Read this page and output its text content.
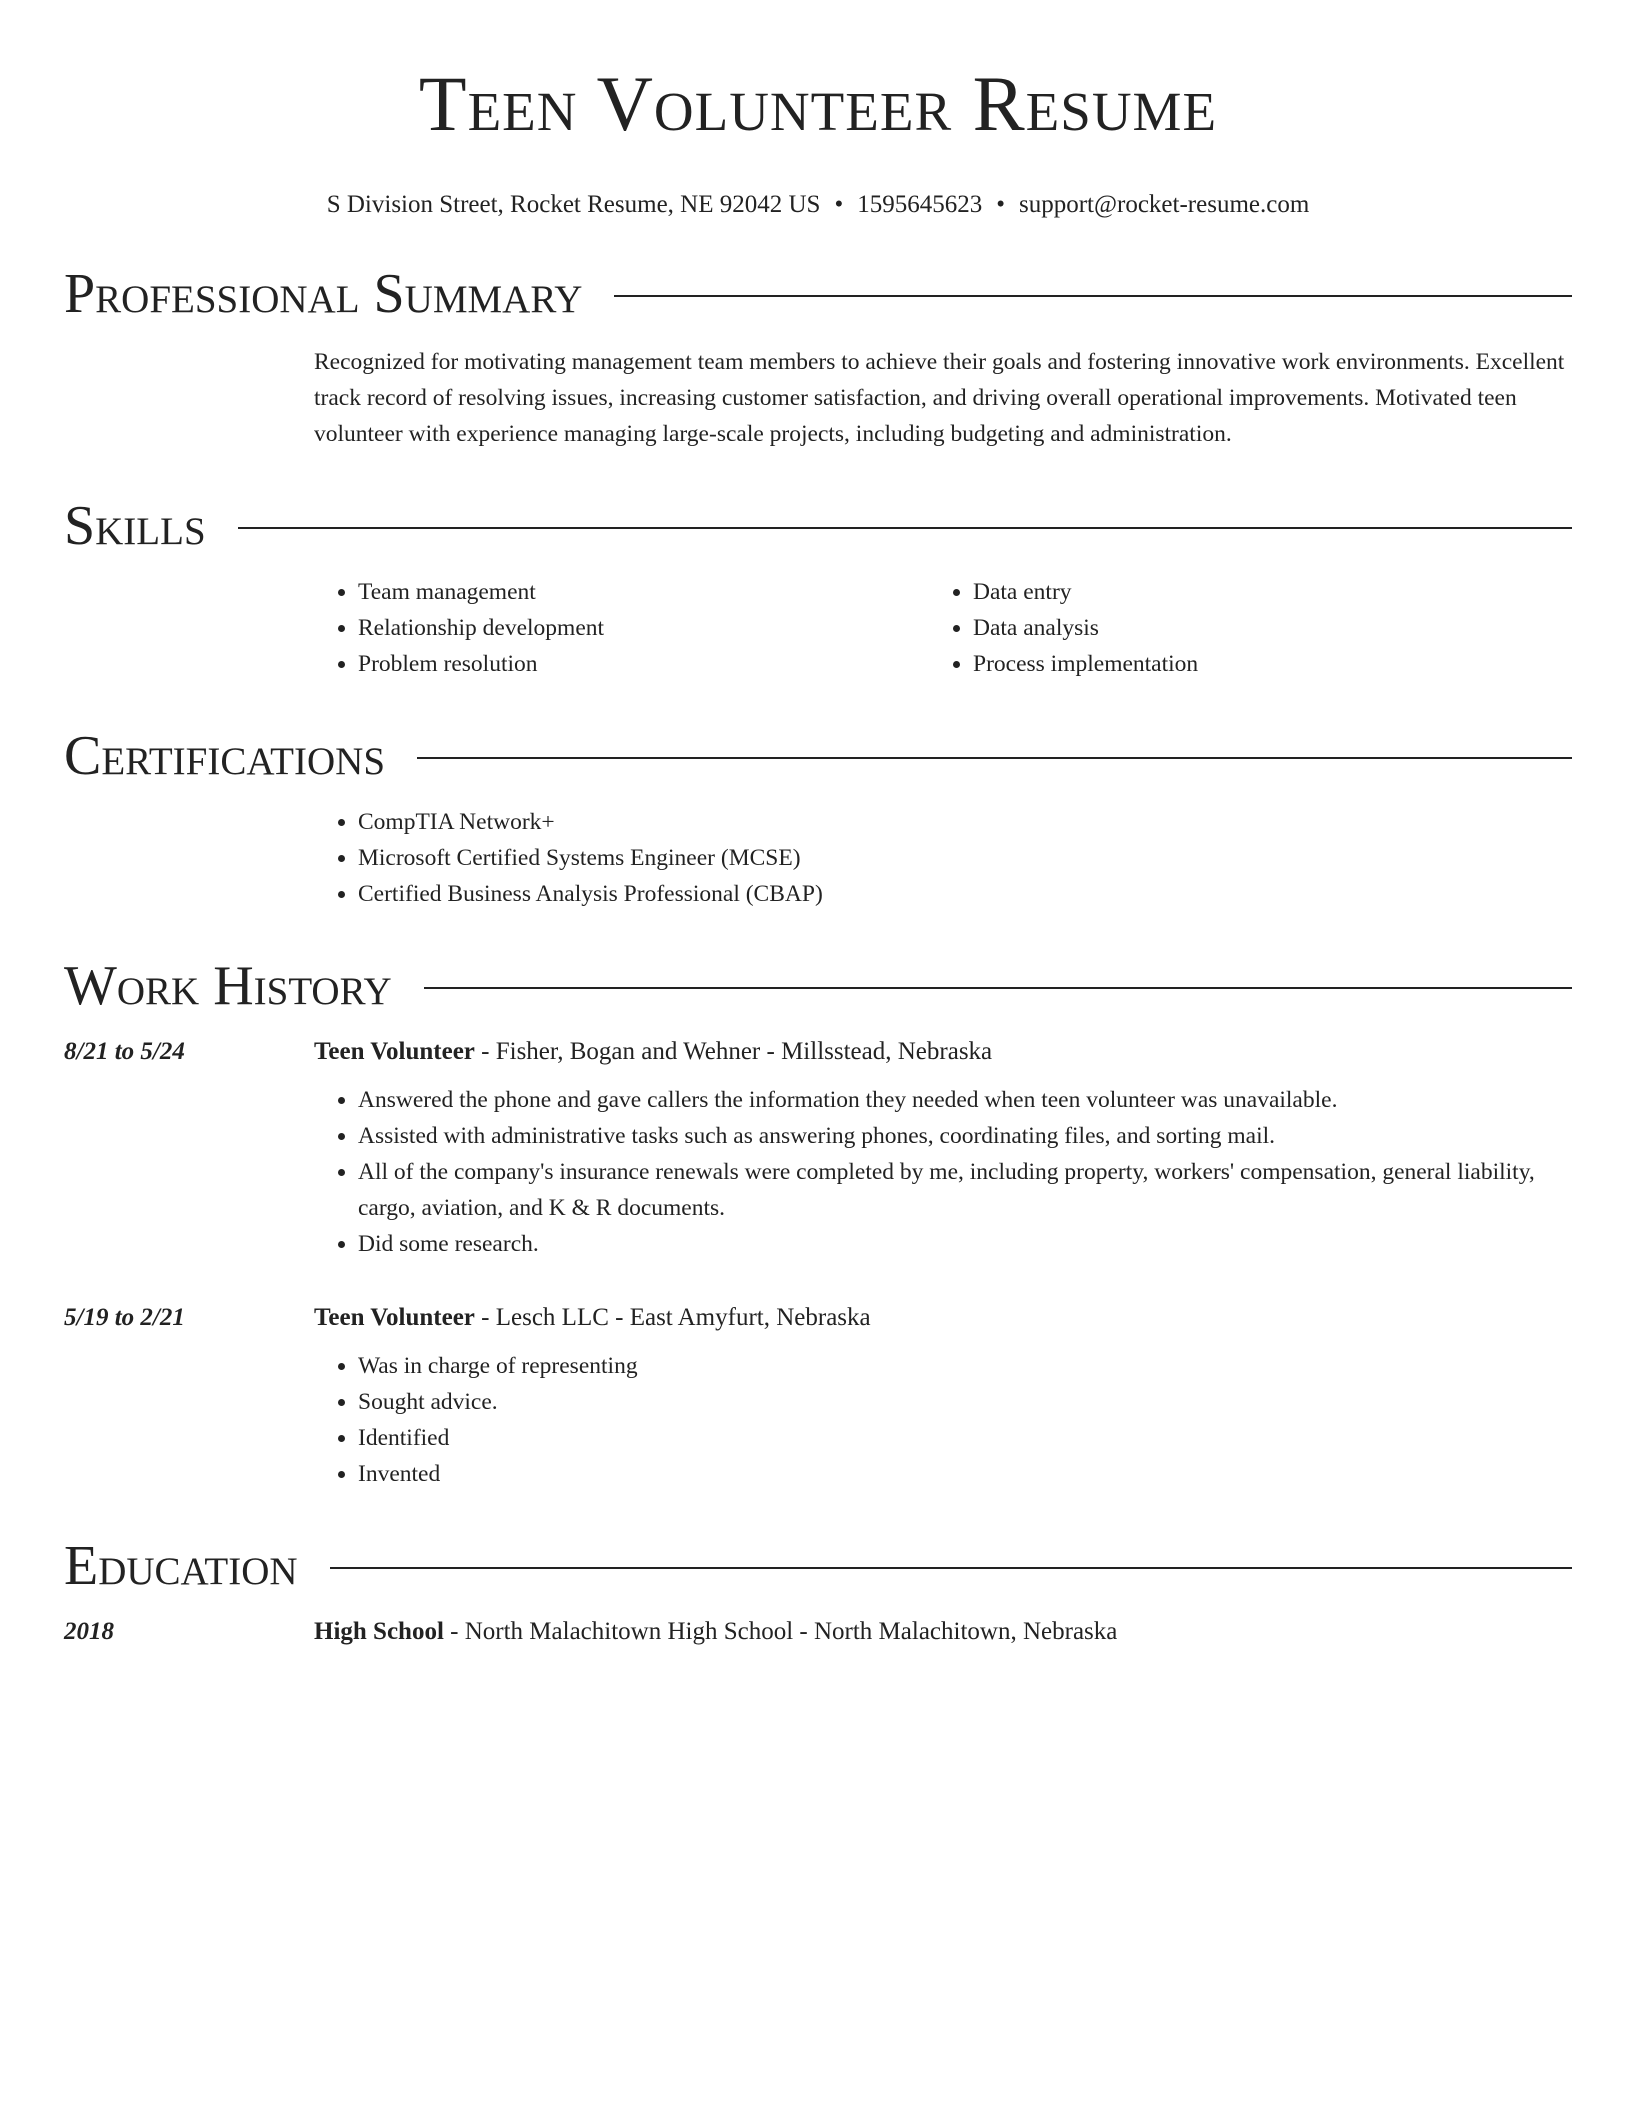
Teen Volunteer Resume
S Division Street, Rocket Resume, NE 92042 US • 1595645623 • support@rocket-resume.com
Professional Summary
Recognized for motivating management team members to achieve their goals and fostering innovative work environments. Excellent track record of resolving issues, increasing customer satisfaction, and driving overall operational improvements. Motivated teen volunteer with experience managing large-scale projects, including budgeting and administration.
Skills
• Team management
• Relationship development
• Problem resolution
• Data entry
• Data analysis
• Process implementation
Certifications
• CompTIA Network+
• Microsoft Certified Systems Engineer (MCSE)
• Certified Business Analysis Professional (CBAP)
Work History
8/21 to 5/24	Teen Volunteer - Fisher, Bogan and Wehner - Millsstead, Nebraska
• Answered the phone and gave callers the information they needed when teen volunteer was unavailable.
• Assisted with administrative tasks such as answering phones, coordinating files, and sorting mail.
• All of the company's insurance renewals were completed by me, including property, workers' compensation, general liability, cargo, aviation, and K & R documents.
• Did some research.
5/19 to 2/21	Teen Volunteer - Lesch LLC - East Amyfurt, Nebraska
• Was in charge of representing
• Sought advice.
• Identified
• Invented
Education
2018	High School - North Malachitown High School - North Malachitown, Nebraska
